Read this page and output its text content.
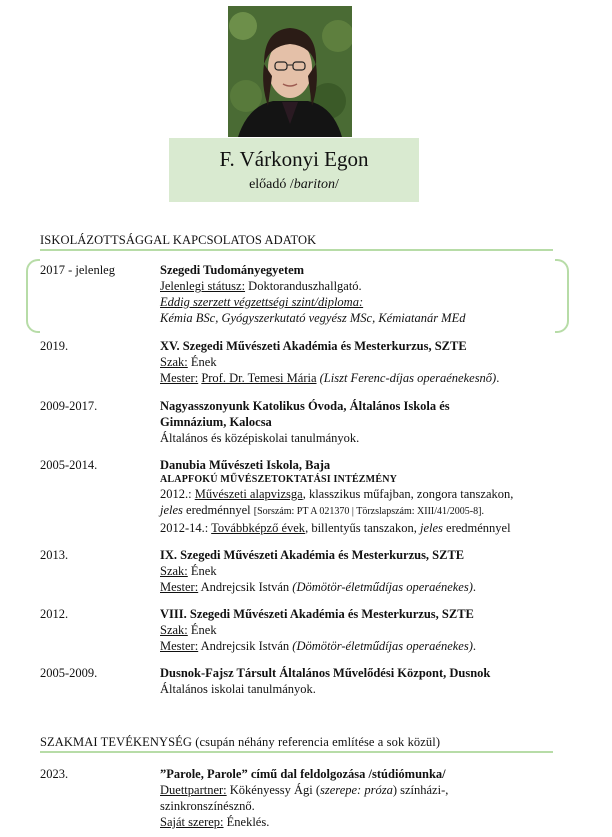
F. Várkonyi Egon
előadó /bariton/
ISKOLÁZOTTSÁGGAL KAPCSOLATOS ADATOK
2017 - jelenleg	Szegedi Tudományegyetem
Jelenlegi státusz: Doktoranduszhallgató.
Eddig szerzett végzettségi szint/diploma:
Kémia BSc, Gyógyszerkutató vegyész MSc, Kémiatanár MEd
2019.	XV. Szegedi Művészeti Akadémia és Mesterkurzus, SZTE
Szak: Ének
Mester: Prof. Dr. Temesi Mária (Liszt Ferenc-díjas operaénekesnő).
2009-2017.	Nagyasszonyunk Katolikus Óvoda, Általános Iskola és
Gimnázium, Kalocsa
Általános és középiskolai tanulmányok.
2005-2014.	Danubia Művészeti Iskola, Baja
ALAPFOKÚ MŰVÉSZETOKTATÁSI INTÉZMÉNY
2012.: Művészeti alapvizsga, klasszikus műfajban, zongora tanszakon,
jeles eredménnyel [Sorszám: PT A 021370 | Törzslapszám: XIII/41/2005-8].
2012-14.: Továbbképző évek, billentyűs tanszakon, jeles eredménnyel
2013.	IX. Szegedi Művészeti Akadémia és Mesterkurzus, SZTE
Szak: Ének
Mester: Andrejcsik István (Dömötör-életműdíjas operaénekes).
2012.	VIII. Szegedi Művészeti Akadémia és Mesterkurzus, SZTE
Szak: Ének
Mester: Andrejcsik István (Dömötör-életműdíjas operaénekes).
2005-2009.	Dusnok-Fajsz Társult Általános Művelődési Központ, Dusnok
Általános iskolai tanulmányok.
SZAKMAI TEVÉKENYSÉG (csupán néhány referencia említése a sok közül)
2023.	”Parole, Parole” című dal feldolgozása /stúdiómunka/
Duettpartner: Kökényessy Ági (szerepe: próza) színházi-,
szinkronszínésznő.
Saját szerep: Éneklés.
